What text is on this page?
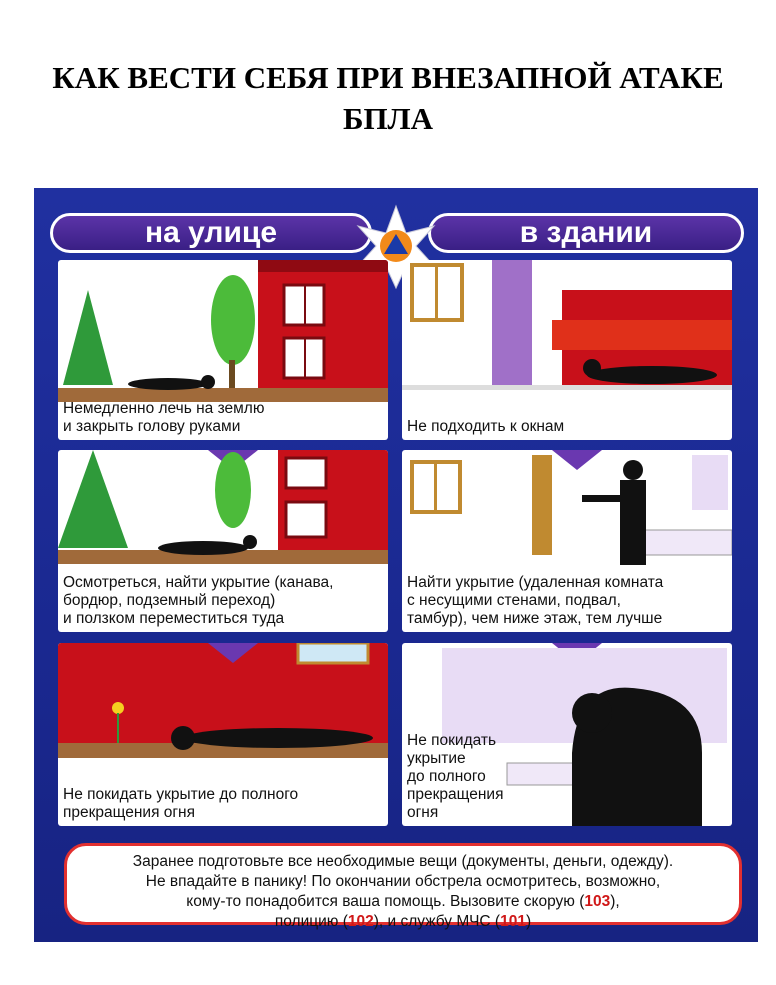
КАК ВЕСТИ СЕБЯ ПРИ ВНЕЗАПНОЙ АТАКЕ
БПЛА
на улице	в здании
Немедленно лечь на землю
и закрыть голову руками	Не подходить к окнам
Осмотреться, найти укрытие (канава,
бордюр, подземный переход)
и ползком переместиться туда
Найти укрытие (удаленная комната
с несущими стенами, подвал,
тамбур), чем ниже этаж, тем лучше
Не покидать укрытие до полного
прекращения огня
Не покидать
укрытие
до полного
прекращения
огня
Заранее подготовьте все необходимые вещи (документы, деньги, одежду).
Не впадайте в панику! По окончании обстрела осмотритесь, возможно,
кому-то понадобится ваша помощь. Вызовите скорую (103),
полицию (102), и службу МЧС (101)
